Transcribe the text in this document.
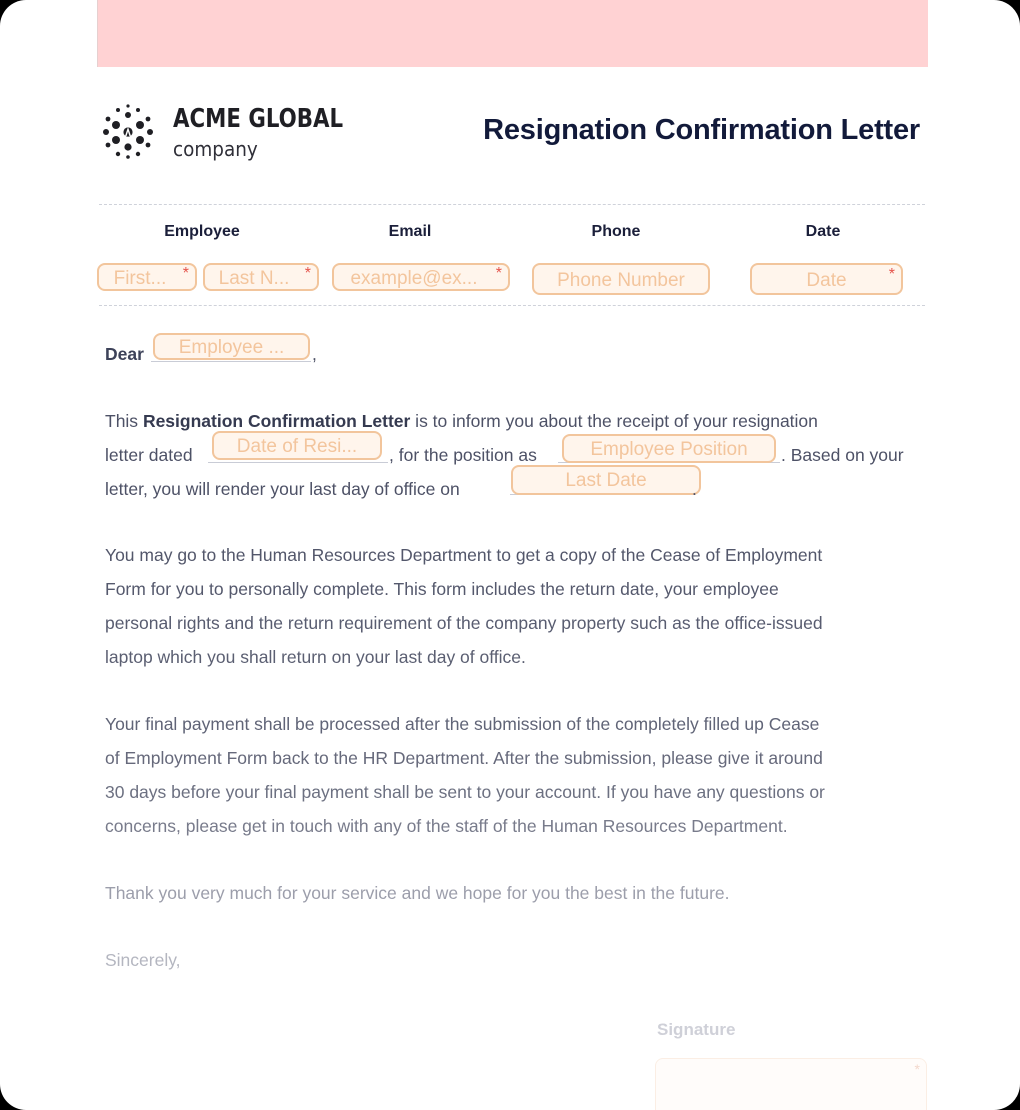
ACME GLOBAL
company
Resignation Confirmation Letter
Employee	Email	Phone	Date
First... *	Last N... *	example@ex... *	Phone Number	Date	*
Dear	Employee ...	,
This Resignation Confirmation Letter is to inform you about the receipt of your resignation
letter dated	Date of Resi...	, for the position as	Employee Position	. Based on your
letter, you will render your last day of office on	Last Date	.
You may go to the Human Resources Department to get a copy of the Cease of Employment
Form for you to personally complete. This form includes the return date, your employee
personal rights and the return requirement of the company property such as the office-issued
laptop which you shall return on your last day of office.
Your final payment shall be processed after the submission of the completely filled up Cease
of Employment Form back to the HR Department. After the submission, please give it around
30 days before your final payment shall be sent to your account. If you have any questions or
concerns, please get in touch with any of the staff of the Human Resources Department.
Thank you very much for your service and we hope for you the best in the future.
Sincerely,
Signature
*
